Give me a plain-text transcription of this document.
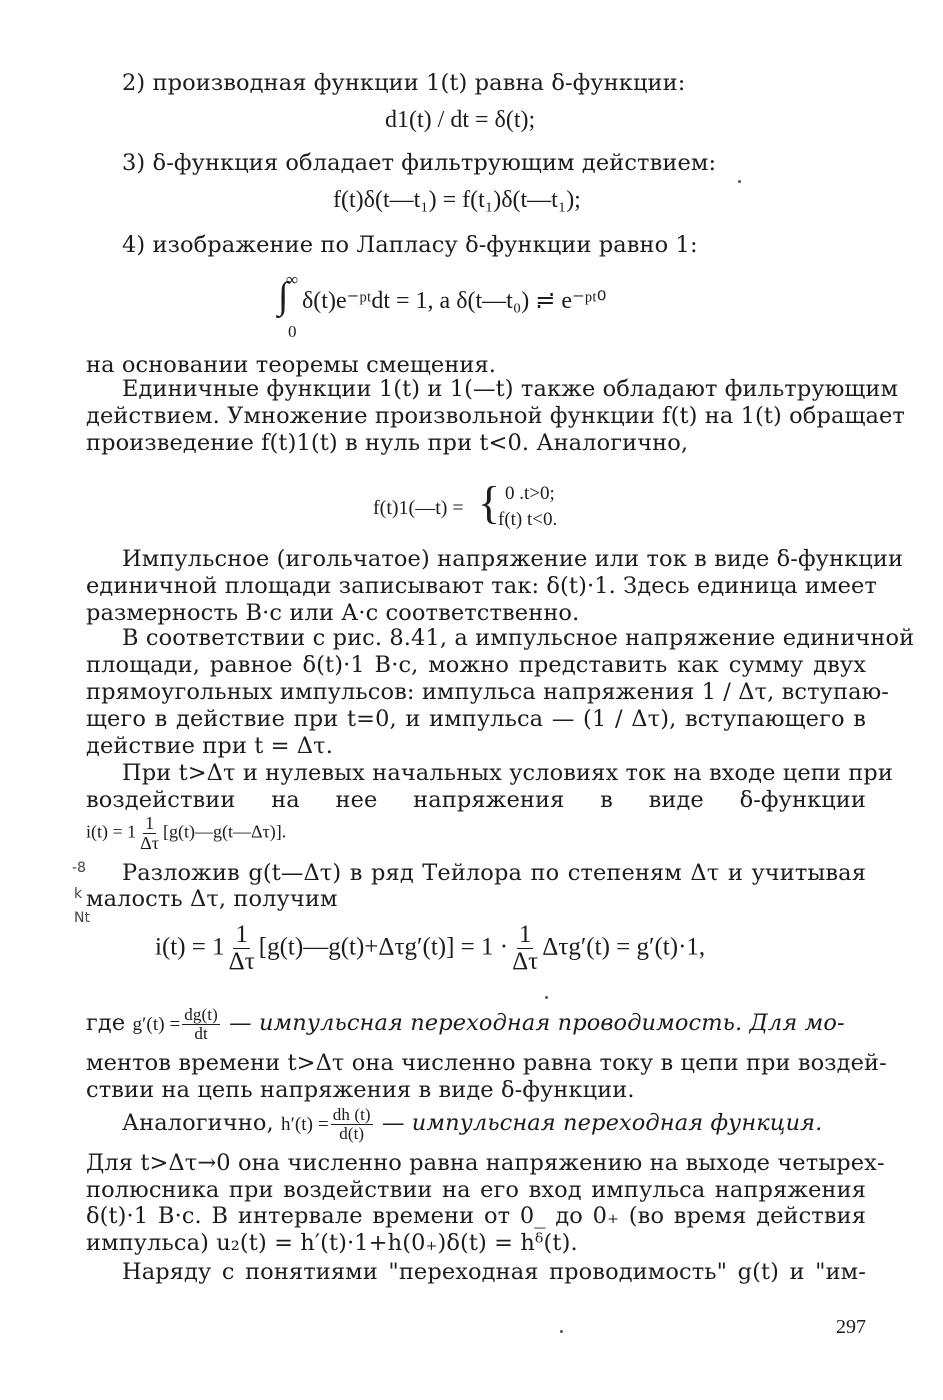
2) производная функции 1(t) равна δ-функции:
d1(t) / dt = δ(t);
3) δ-функция обладает фильтрующим действием:
f(t)δ(t—t₁) = f(t₁)δ(t—t₁);
4) изображение по Лапласу δ-функции равно 1:
∞
∫
0
δ(t)e⁻ᵖᵗdt = 1, a δ(t—t₀) ≓ e⁻ᵖᵗ⁰
на основании теоремы смещения.
Единичные функции 1(t) и 1(—t) также обладают фильтрующим
действием. Умножение произвольной функции f(t) на 1(t) обращает
произведение f(t)1(t) в нуль при t<0. Аналогично,
f(t)1(—t) = { 0 .t>0;
f(t) t<0.
Импульсное (игольчатое) напряжение или ток в виде δ-функции
единичной площади записывают так: δ(t)·1. Здесь единица имеет
размерность В·с или А·с соответственно.
В соответствии с рис. 8.41, a импульсное напряжение единичной
площади, равное δ(t)·1 В·с, можно представить как сумму двух
прямоугольных импульсов: импульса напряжения 1 / Δτ, вступаю-
щего в действие при t=0, и импульса — (1 / Δτ), вступающего в
действие при t = Δτ.
При t>Δτ и нулевых начальных условиях ток на входе цепи при
воздействии на нее напряжения в виде δ-функции
$i(t) = 1 \frac{1}{\Delta\tau}$ [g(t)—g(t—Δτ)].
-8
k
Nt
Разложив g(t—Δτ) в ряд Тейлора по степеням Δτ и учитывая
малость Δτ, получим
$i(t) = 1 \frac{1}{\Delta\tau}$ [g(t)—g(t)+Δτg′(t)] = $1 \cdot \frac{1}{\Delta\tau} \Delta\tau g'(t) = g'(t)\cdot 1$,
где $g'(t) = \frac{dg(t)}{dt}$ — импульсная переходная проводимость. Для мо-
ментов времени t>Δτ она численно равна току в цепи при воздей-
ствии на цепь напряжения в виде δ-функции.
Аналогично, $h'(t) = \frac{dh (t)}{d(t)}$ — импульсная переходная функция.
Для t>Δτ→0 она численно равна напряжению на выходе четырех-
полюсника при воздействии на его вход импульса напряжения
δ(t)·1 В·с. В интервале времени от 0_ до 0₊ (во время действия
импульса) u₂(t) = h′(t)·1+h(0₊)δ(t) = hᵟ(t).
Наряду с понятиями "переходная проводимость" g(t) и "им-
297
